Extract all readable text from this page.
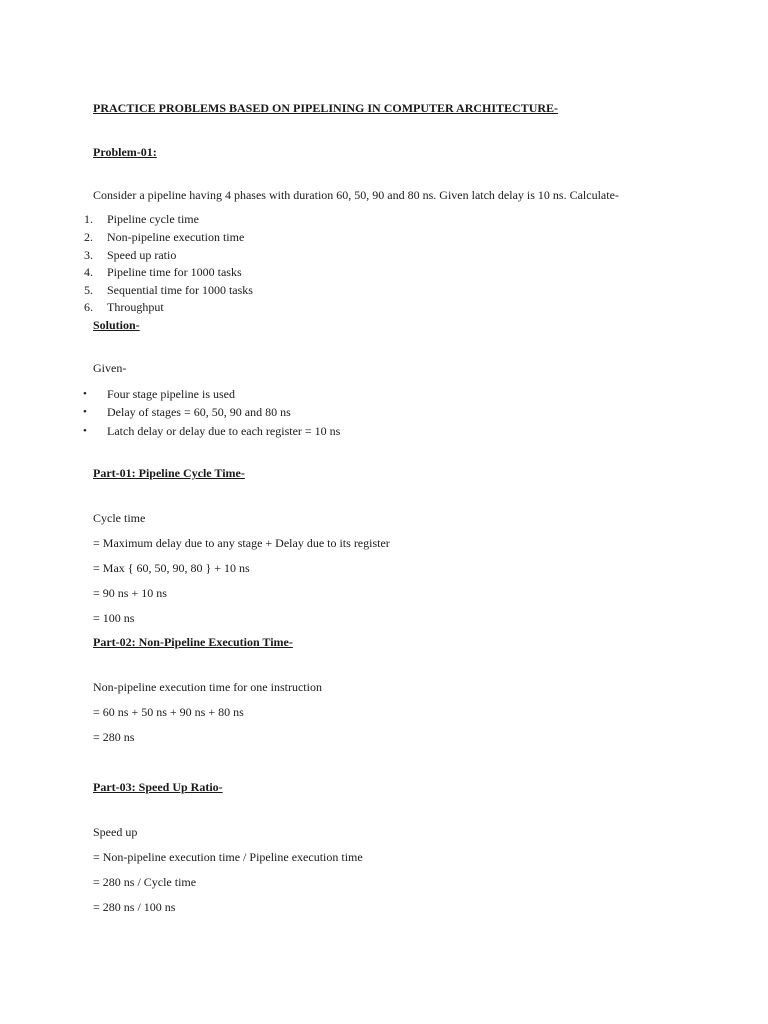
PRACTICE PROBLEMS BASED ON PIPELINING IN COMPUTER ARCHITECTURE-
Problem-01:
Consider a pipeline having 4 phases with duration 60, 50, 90 and 80 ns. Given latch delay is 10 ns. Calculate-
1. Pipeline cycle time
2. Non-pipeline execution time
3. Speed up ratio
4. Pipeline time for 1000 tasks
5. Sequential time for 1000 tasks
6. Throughput
Solution-
Given-
• Four stage pipeline is used
• Delay of stages = 60, 50, 90 and 80 ns
• Latch delay or delay due to each register = 10 ns
Part-01: Pipeline Cycle Time-
Cycle time
= Maximum delay due to any stage + Delay due to its register
= Max { 60, 50, 90, 80 } + 10 ns
= 90 ns + 10 ns
= 100 ns
Part-02: Non-Pipeline Execution Time-
Non-pipeline execution time for one instruction
= 60 ns + 50 ns + 90 ns + 80 ns
= 280 ns
Part-03: Speed Up Ratio-
Speed up
= Non-pipeline execution time / Pipeline execution time
= 280 ns / Cycle time
= 280 ns / 100 ns
